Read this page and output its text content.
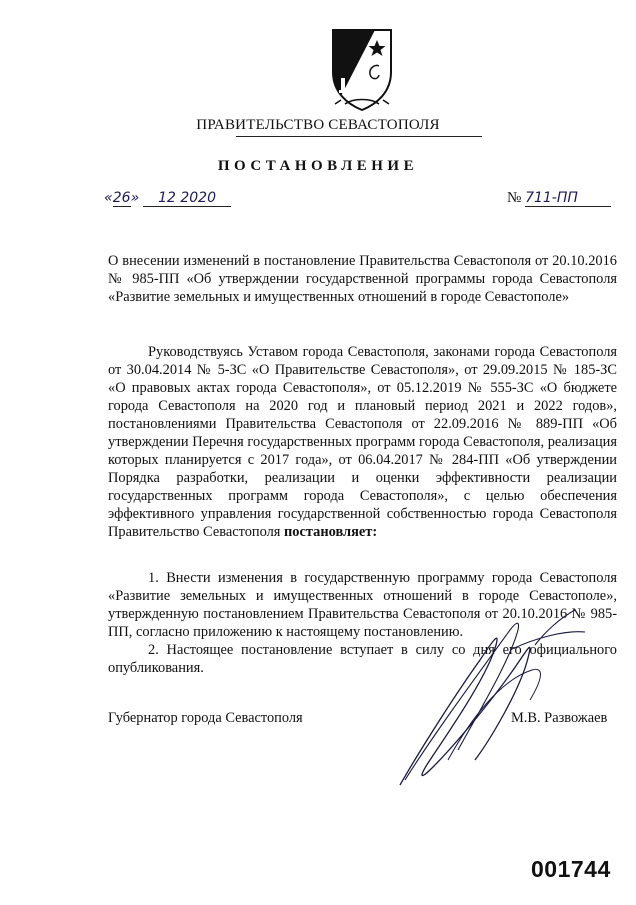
ПРАВИТЕЛЬСТВО СЕВАСТОПОЛЯ
ПОСТАНОВЛЕНИЕ
«26» 12 2020	№ 711-ПП
О внесении изменений в постановление Правительства Севастополя от 20.10.2016 № 985-ПП «Об утверждении государственной программы города Севастополя «Развитие земельных и имущественных отношений в городе Севастополе»
Руководствуясь Уставом города Севастополя, законами города Севастополя от 30.04.2014 № 5-ЗС «О Правительстве Севастополя», от 29.09.2015 № 185-ЗС «О правовых актах города Севастополя», от 05.12.2019 № 555-ЗС «О бюджете города Севастополя на 2020 год и плановый период 2021 и 2022 годов», постановлениями Правительства Севастополя от 22.09.2016 № 889-ПП «Об утверждении Перечня государственных программ города Севастополя, реализация которых планируется с 2017 года», от 06.04.2017 № 284-ПП «Об утверждении Порядка разработки, реализации и оценки эффективности реализации государственных программ города Севастополя», с целью обеспечения эффективного управления государственной собственностью города Севастополя Правительство Севастополя постановляет:
1. Внести изменения в государственную программу города Севастополя «Развитие земельных и имущественных отношений в городе Севастополе», утвержденную постановлением Правительства Севастополя от 20.10.2016 № 985-ПП, согласно приложению к настоящему постановлению.
2. Настоящее постановление вступает в силу со дня его официального опубликования.
Губернатор города Севастополя	М.В. Развожаев
001744
